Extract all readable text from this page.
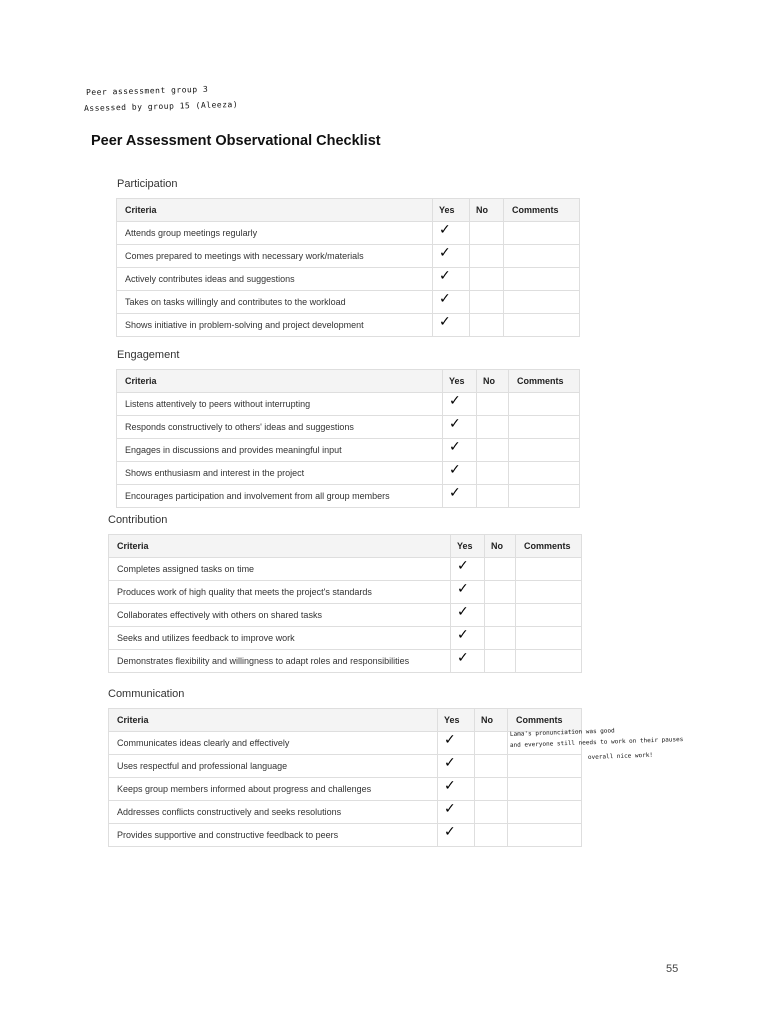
Peer assessment group 3
Assessed by group 15 (Aleeza)
Peer Assessment Observational Checklist
Participation
Criteria	Yes	No	Comments
Attends group meetings regularly	✓		
Comes prepared to meetings with necessary work/materials	✓		
Actively contributes ideas and suggestions	✓		
Takes on tasks willingly and contributes to the workload	✓		
Shows initiative in problem-solving and project development	✓		
Engagement
Criteria	Yes	No	Comments
Listens attentively to peers without interrupting	✓		
Responds constructively to others' ideas and suggestions	✓		
Engages in discussions and provides meaningful input	✓		
Shows enthusiasm and interest in the project	✓		
Encourages participation and involvement from all group members	✓		
Contribution
Criteria	Yes	No	Comments
Completes assigned tasks on time	✓		
Produces work of high quality that meets the project's standards	✓		
Collaborates effectively with others on shared tasks	✓		
Seeks and utilizes feedback to improve work	✓		
Demonstrates flexibility and willingness to adapt roles and responsibilities	✓		
Communication
Criteria	Yes	No	Comments
Communicates ideas clearly and effectively	✓		
Uses respectful and professional language	✓		
Keeps group members informed about progress and challenges	✓		
Addresses conflicts constructively and seeks resolutions	✓		
Provides supportive and constructive feedback to peers	✓		
Lama's pronunciation was good
and everyone still needs to work on their pauses
overall nice work!
55
